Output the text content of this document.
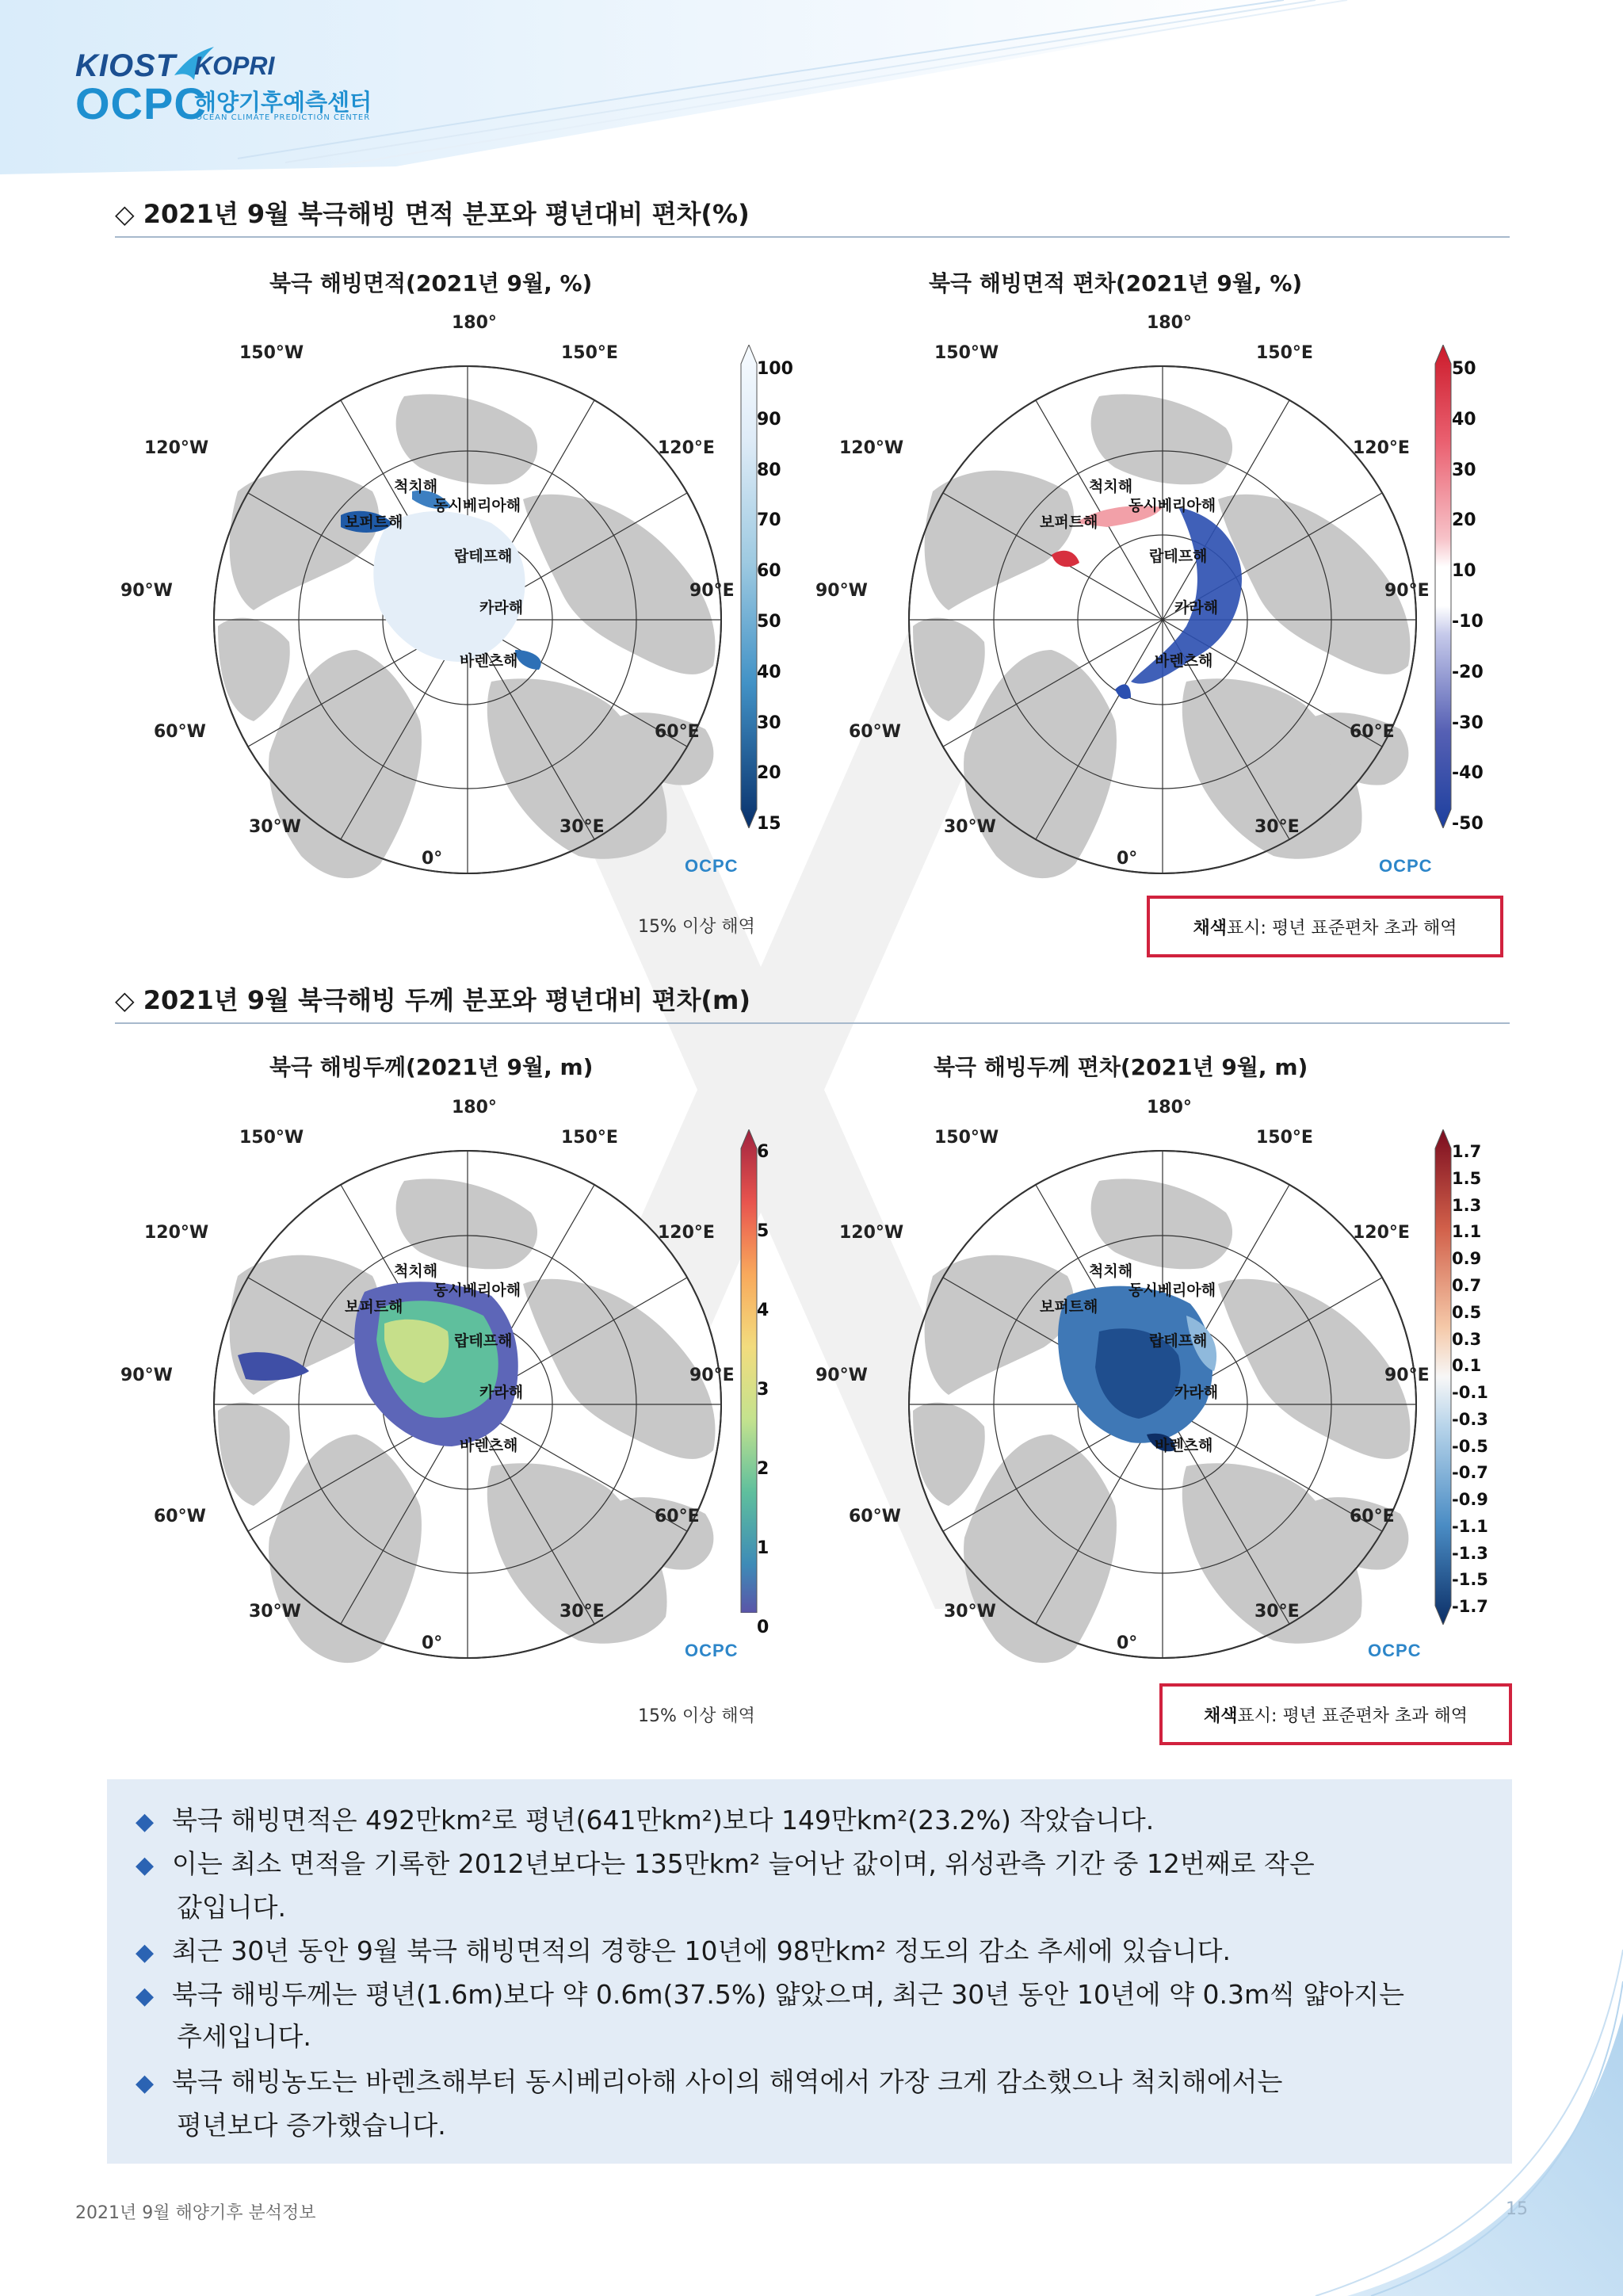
KIOST KOPRI
OCPC
해양기후예측센터
OCEAN CLIMATE PREDICTION CENTER
◇ 2021년 9월 북극해빙 면적 분포와 평년대비 편차(%)
북극 해빙면적(2021년 9월, %)	북극 해빙면적 편차(2021년 9월, %)
◇ 2021년 9월 북극해빙 두께 분포와 평년대비 편차(m)
북극 해빙두께(2021년 9월, m)	북극 해빙두께 편차(2021년 9월, m)
180°
150°W	150°E
120°W	120°E
90°W	90°E
60°W	60°E
30°W	30°E
0°
척치해
동시베리아해
보퍼트해
랍테프해
카라해
바렌츠해
OCPC
100
90
80
70
60
50
40
30
20
15
15% 이상 해역
180°
150°W	150°E
120°W	120°E
90°W	90°E
60°W	60°E
30°W	30°E
0°
척치해
동시베리아해
보퍼트해
랍테프해
카라해
바렌츠해
OCPC
50
40
30
20
10
-10
-20
-30
-40
-50
채색 표시: 평년 표준편차 초과 해역
180°
150°W	150°E
120°W	120°E
90°W	90°E
60°W	60°E
30°W	30°E
0°
척치해
동시베리아해
보퍼트해
랍테프해
카라해
바렌츠해
OCPC
6
5
4
3
2
1
0
15% 이상 해역
180°
150°W	150°E
120°W	120°E
90°W	90°E
60°W	60°E
30°W	30°E
0°
척치해
동시베리아해
보퍼트해
랍테프해
카라해
바렌츠해
OCPC
1.7
1.5
1.3
1.1
0.9
0.7
0.5
0.3
0.1
-0.1
-0.3
-0.5
-0.7
-0.9
-1.1
-1.3
-1.5
-1.7
채색 표시: 평년 표준편차 초과 해역
◆ 북극 해빙면적은 492만km²로 평년(641만km²)보다 149만km²(23.2%) 작았습니다.
◆ 이는 최소 면적을 기록한 2012년보다는 135만km² 늘어난 값이며, 위성관측 기간 중 12번째로 작은
값입니다.
◆ 최근 30년 동안 9월 북극 해빙면적의 경향은 10년에 98만km² 정도의 감소 추세에 있습니다.
◆ 북극 해빙두께는 평년(1.6m)보다 약 0.6m(37.5%) 얇았으며, 최근 30년 동안 10년에 약 0.3m씩 얇아지는
추세입니다.
◆ 북극 해빙농도는 바렌츠해부터 동시베리아해 사이의 해역에서 가장 크게 감소했으나 척치해에서는
평년보다 증가했습니다.
2021년 9월 해양기후 분석정보	15
